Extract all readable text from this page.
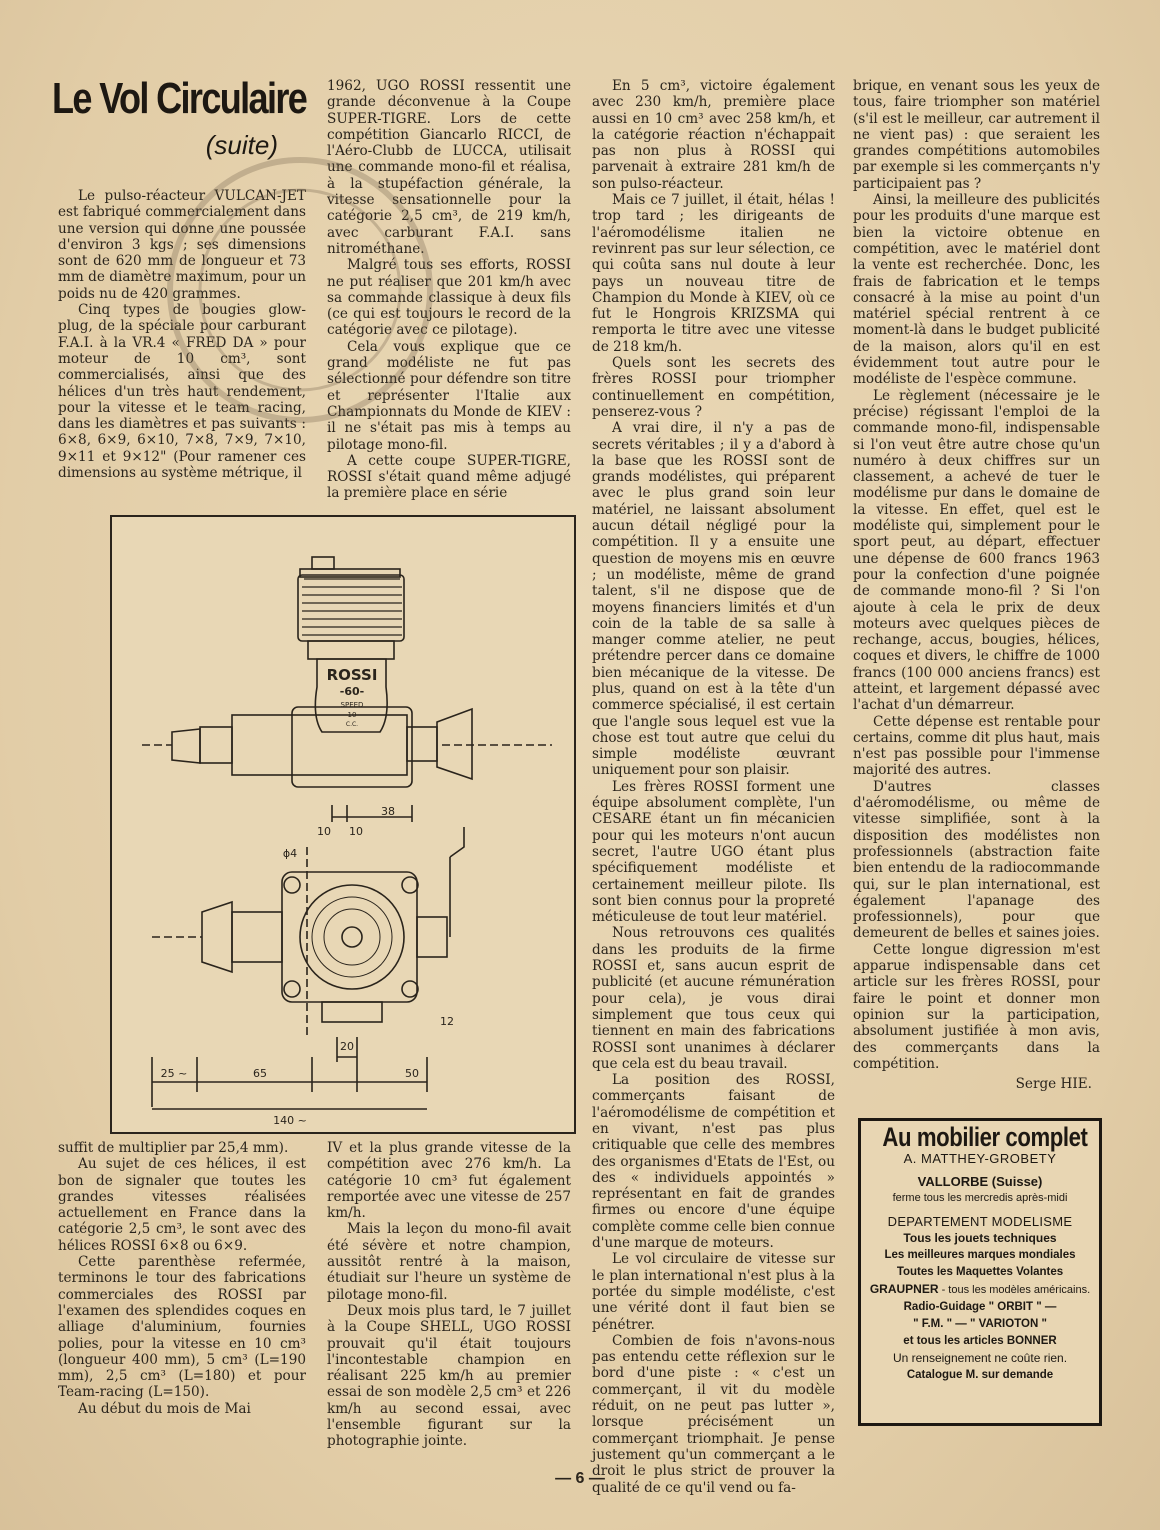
Le Vol Circulaire
(suite)

Le pulso-réacteur VULCAN-JET est fabriqué commercialement dans une version qui donne une poussée d'environ 3 kgs ; ses dimensions sont de 620 mm de longueur et 73 mm de diamètre maximum, pour un poids nu de 420 grammes.

Cinq types de bougies glow-plug, de la spéciale pour carburant F.A.I. à la VR.4 « FRED DA » pour moteur de 10 cm³, sont commercialisés, ainsi que des hélices d'un très haut rendement, pour la vitesse et le team racing, dans les diamètres et pas suivants : 6×8, 6×9, 6×10, 7×8, 7×9, 7×10, 9×11 et 9×12" (Pour ramener ces dimensions au système métrique, il

1962, UGO ROSSI ressentit une grande déconvenue à la Coupe SUPER-TIGRE. Lors de cette compétition Giancarlo RICCI, de l'Aéro-Clubb de LUCCA, utilisait une commande mono-fil et réalisa, à la stupéfaction générale, la vitesse sensationnelle pour la catégorie 2,5 cm³, de 219 km/h, avec carburant F.A.I. sans nitrométhane.

Malgré tous ses efforts, ROSSI ne put réaliser que 201 km/h avec sa commande classique à deux fils (ce qui est toujours le record de la catégorie avec ce pilotage).

Cela vous explique que ce grand modéliste ne fut pas sélectionné pour défendre son titre et représenter l'Italie aux Championnats du Monde de KIEV : il ne s'était pas mis à temps au pilotage mono-fil.

A cette coupe SUPER-TIGRE, ROSSI s'était quand même adjugé la première place en série

En 5 cm³, victoire également avec 230 km/h, première place aussi en 10 cm³ avec 258 km/h, et la catégorie réaction n'échappait pas non plus à ROSSI qui parvenait à extraire 281 km/h de son pulso-réacteur.

Mais ce 7 juillet, il était, hélas ! trop tard ; les dirigeants de l'aéromodélisme italien ne revinrent pas sur leur sélection, ce qui coûta sans nul doute à leur pays un nouveau titre de Champion du Monde à KIEV, où ce fut le Hongrois KRIZSMA qui remporta le titre avec une vitesse de 218 km/h.

Quels sont les secrets des frères ROSSI pour triompher continuellement en compétition, penserez-vous ?

A vrai dire, il n'y a pas de secrets véritables ; il y a d'abord à la base que les ROSSI sont de grands modélistes, qui préparent avec le plus grand soin leur matériel, ne laissant absolument aucun détail négligé pour la compétition. Il y a ensuite une question de moyens mis en œuvre ; un modéliste, même de grand talent, s'il ne dispose que de moyens financiers limités et d'un coin de la table de sa salle à manger comme atelier, ne peut prétendre percer dans ce domaine bien mécanique de la vitesse. De plus, quand on est à la tête d'un commerce spécialisé, il est certain que l'angle sous lequel est vue la chose est tout autre que celui du simple modéliste œuvrant uniquement pour son plaisir.

Les frères ROSSI forment une équipe absolument complète, l'un CESARE étant un fin mécanicien pour qui les moteurs n'ont aucun secret, l'autre UGO étant plus spécifiquement modéliste et certainement meilleur pilote. Ils sont bien connus pour la propreté méticuleuse de tout leur matériel.

Nous retrouvons ces qualités dans les produits de la firme ROSSI et, sans aucun esprit de publicité (et aucune rémunération pour cela), je vous dirai simplement que tous ceux qui tiennent en main des fabrications ROSSI sont unanimes à déclarer que cela est du beau travail.

La position des ROSSI, commerçants faisant de l'aéromodélisme de compétition et en vivant, n'est pas plus critiquable que celle des membres des organismes d'Etats de l'Est, ou des « individuels appointés » représentant en fait de grandes firmes ou encore d'une équipe complète comme celle bien connue d'une marque de moteurs.

Le vol circulaire de vitesse sur le plan international n'est plus à la portée du simple modéliste, c'est une vérité dont il faut bien se pénétrer.

Combien de fois n'avons-nous pas entendu cette réflexion sur le bord d'une piste : « c'est un commerçant, il vit du modèle réduit, on ne peut pas lutter », lorsque précisément un commerçant triomphait. Je pense justement qu'un commerçant a le droit le plus strict de prouver la qualité de ce qu'il vend ou fa-

brique, en venant sous les yeux de tous, faire triompher son matériel (s'il est le meilleur, car autrement il ne vient pas) : que seraient les grandes compétitions automobiles par exemple si les commerçants n'y participaient pas ?

Ainsi, la meilleure des publicités pour les produits d'une marque est bien la victoire obtenue en compétition, avec le matériel dont la vente est recherchée. Donc, les frais de fabrication et le temps consacré à la mise au point d'un matériel spécial rentrent à ce moment-là dans le budget publicité de la maison, alors qu'il en est évidemment tout autre pour le modéliste de l'espèce commune.

Le règlement (nécessaire je le précise) régissant l'emploi de la commande mono-fil, indispensable si l'on veut être autre chose qu'un numéro à deux chiffres sur un classement, a achevé de tuer le modélisme pur dans le domaine de la vitesse. En effet, quel est le modéliste qui, simplement pour le sport peut, au départ, effectuer une dépense de 600 francs 1963 pour la confection d'une poignée de commande mono-fil ? Si l'on ajoute à cela le prix de deux moteurs avec quelques pièces de rechange, accus, bougies, hélices, coques et divers, le chiffre de 1000 francs (100 000 anciens francs) est atteint, et largement dépassé avec l'achat d'un démarreur.

Cette dépense est rentable pour certains, comme dit plus haut, mais n'est pas possible pour l'immense majorité des autres.

D'autres classes d'aéromodélisme, ou même de vitesse simplifiée, sont à la disposition des modélistes non professionnels (abstraction faite bien entendu de la radiocommande qui, sur le plan international, est également l'apanage des professionnels), pour que demeurent de belles et saines joies.

Cette longue digression m'est apparue indispensable dans cet article sur les frères ROSSI, pour faire le point et donner mon opinion sur la participation, absolument justifiée à mon avis, des commerçants dans la compétition.

Serge HIE.

suffit de multiplier par 25,4 mm).

Au sujet de ces hélices, il est bon de signaler que toutes les grandes vitesses réalisées actuellement en France dans la catégorie 2,5 cm³, le sont avec des hélices ROSSI 6×8 ou 6×9.

Cette parenthèse refermée, terminons le tour des fabrications commerciales des ROSSI par l'examen des splendides coques en alliage d'aluminium, fournies polies, pour la vitesse en 10 cm³ (longueur 400 mm), 5 cm³ (L=190 mm), 2,5 cm³ (L=180) et pour Team-racing (L=150).

Au début du mois de Mai

IV et la plus grande vitesse de la compétition avec 276 km/h. La catégorie 10 cm³ fut également remportée avec une vitesse de 257 km/h.

Mais la leçon du mono-fil avait été sévère et notre champion, aussitôt rentré à la maison, étudiait sur l'heure un système de pilotage mono-fil.

Deux mois plus tard, le 7 juillet à la Coupe SHELL, UGO ROSSI prouvait qu'il était toujours l'incontestable champion en réalisant 225 km/h au premier essai de son modèle 2,5 cm³ et 226 km/h au second essai, avec l'ensemble figurant sur la photographie jointe.

ROSSI
-60-
SPEED
10
C.C.
38
10 10
ϕ4
20
12
25 ~	65	50
140 ~
Au mobilier complet
A. MATTHEY-GROBETY
VALLORBE (Suisse)
ferme tous les mercredis après-midi
DEPARTEMENT MODELISME
Tous les jouets techniques
Les meilleures marques mondiales
Toutes les Maquettes Volantes
GRAUPNER - tous les modèles américains.
Radio-Guidage " ORBIT " —
" F.M. " — " VARIOTON "
et tous les articles BONNER
Un renseignement ne coûte rien.
Catalogue M. sur demande
— 6 —
